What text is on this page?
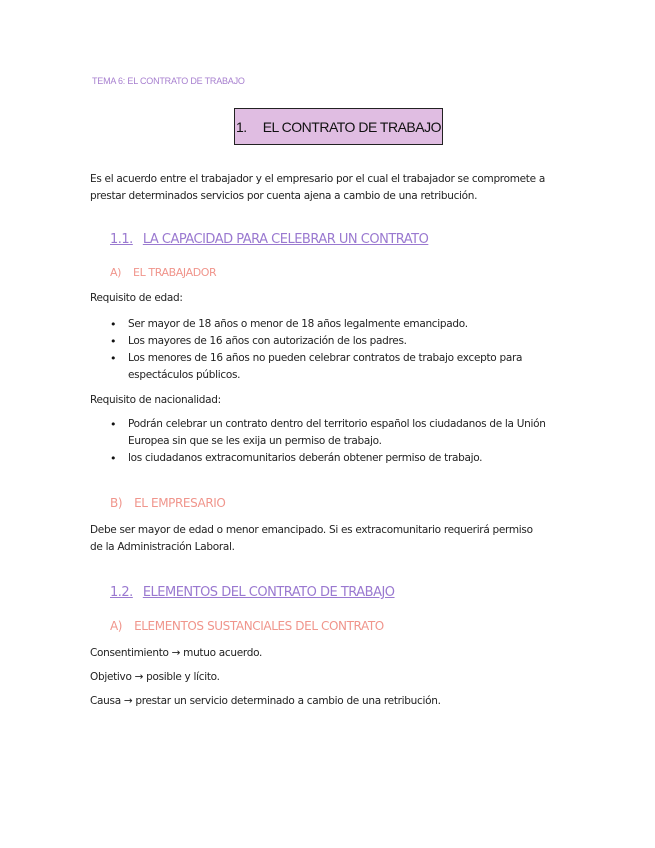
TEMA 6: EL CONTRATO DE TRABAJO
1. EL CONTRATO DE TRABAJO
Es el acuerdo entre el trabajador y el empresario por el cual el trabajador se compromete a prestar determinados servicios por cuenta ajena a cambio de una retribución.
1.1. LA CAPACIDAD PARA CELEBRAR UN CONTRATO
A) EL TRABAJADOR
Requisito de edad:
• Ser mayor de 18 años o menor de 18 años legalmente emancipado.
• Los mayores de 16 años con autorización de los padres.
• Los menores de 16 años no pueden celebrar contratos de trabajo excepto para espectáculos públicos.
Requisito de nacionalidad:
• Podrán celebrar un contrato dentro del territorio español los ciudadanos de la Unión Europea sin que se les exija un permiso de trabajo.
• los ciudadanos extracomunitarios deberán obtener permiso de trabajo.
B) EL EMPRESARIO
Debe ser mayor de edad o menor emancipado. Si es extracomunitario requerirá permiso de la Administración Laboral.
1.2. ELEMENTOS DEL CONTRATO DE TRABAJO
A) ELEMENTOS SUSTANCIALES DEL CONTRATO
Consentimiento → mutuo acuerdo.
Objetivo → posible y lícito.
Causa → prestar un servicio determinado a cambio de una retribución.
